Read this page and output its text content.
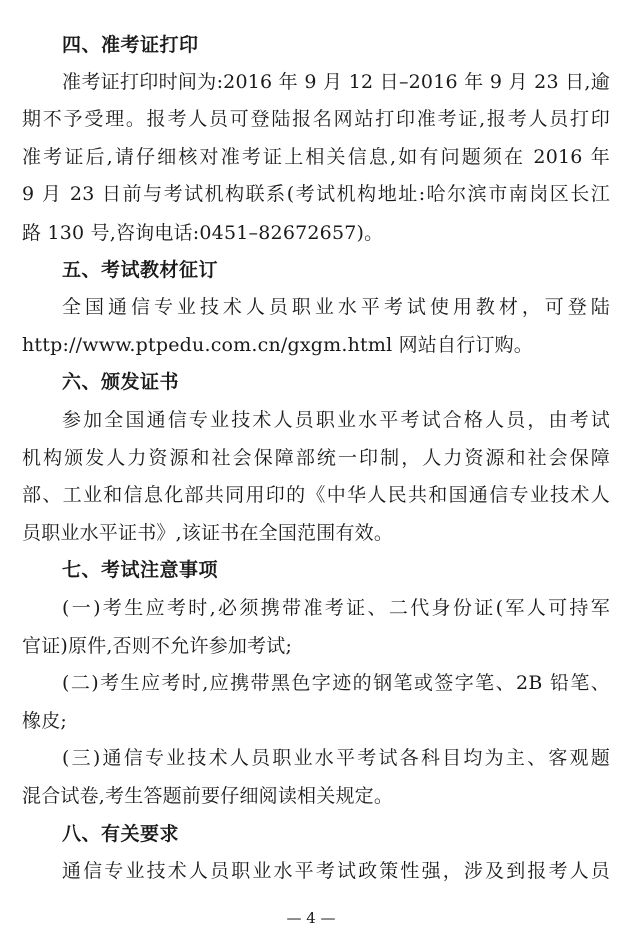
四、准考证打印
准考证打印时间为:2016 年 9 月 12 日–2016 年 9 月 23 日,逾
期不予受理。报考人员可登陆报名网站打印准考证,报考人员打印
准考证后,请仔细核对准考证上相关信息,如有问题须在 2016 年
9 月 23 日前与考试机构联系(考试机构地址:哈尔滨市南岗区长江
路 130 号,咨询电话:0451–82672657)。
五、考试教材征订
全国通信专业技术人员职业水平考试使用教材，可登陆
http://www.ptpedu.com.cn/gxgm.html 网站自行订购。
六、颁发证书
参加全国通信专业技术人员职业水平考试合格人员，由考试
机构颁发人力资源和社会保障部统一印制，人力资源和社会保障
部、工业和信息化部共同用印的《中华人民共和国通信专业技术人
员职业水平证书》,该证书在全国范围有效。
七、考试注意事项
(一)考生应考时,必须携带准考证、二代身份证(军人可持军
官证)原件,否则不允许参加考试;
(二)考生应考时,应携带黑色字迹的钢笔或签字笔、2B 铅笔、
橡皮;
(三)通信专业技术人员职业水平考试各科目均为主、客观题
混合试卷,考生答题前要仔细阅读相关规定。
八、有关要求
通信专业技术人员职业水平考试政策性强，涉及到报考人员
— 4 —
